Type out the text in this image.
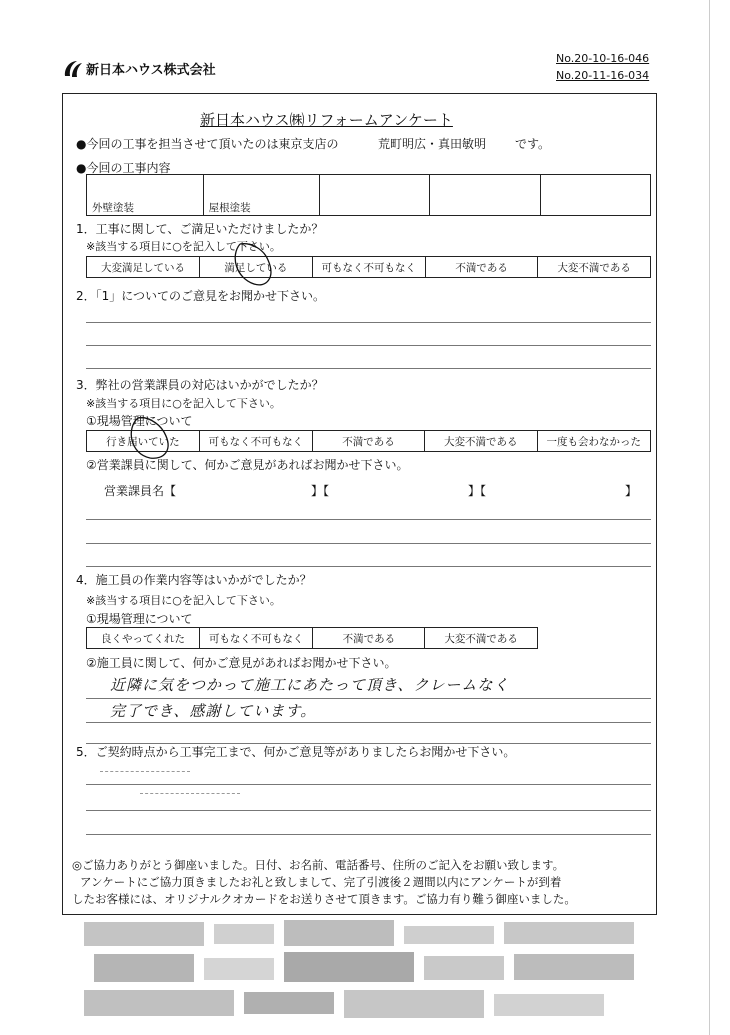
新日本ハウス株式会社
No.20-10-16-046
No.20-11-16-034
新日本ハウス㈱リフォームアンケート
●今回の工事を担当させて頂いたのは東京支店の	荒町明広・真田敏明 です。
●今回の工事内容
外壁塗装	屋根塗装			
1．工事に関して、ご満足いただけましたか？
※該当する項目に○を記入して下さい。
大変満足している	満足している	可もなく不可もなく	不満である	大変不満である
2．「1」についてのご意見をお聞かせ下さい。
3．弊社の営業課員の対応はいかがでしたか？
※該当する項目に○を記入して下さい。
①現場管理について
行き届いていた	可もなく不可もなく	不満である	大変不満である	一度も会わなかった
②営業課員に関して、何かご意見があればお聞かせ下さい。
営業課員名【	】【	】【	】
4．施工員の作業内容等はいかがでしたか？
※該当する項目に○を記入して下さい。
①現場管理について
良くやってくれた	可もなく不可もなく	不満である	大変不満である
②施工員に関して、何かご意見があればお聞かせ下さい。
近隣に気をつかって施工にあたって頂き、クレームなく
完了でき、感謝しています。
5．ご契約時点から工事完工まで、何かご意見等がありましたらお聞かせ下さい。
◎ご協力ありがとう御座いました。日付、お名前、電話番号、住所のご記入をお願い致します。
アンケートにご協力頂きましたお礼と致しまして、完了引渡後２週間以内にアンケートが到着
したお客様には、オリジナルクオカードをお送りさせて頂きます。ご協力有り難う御座いました。
